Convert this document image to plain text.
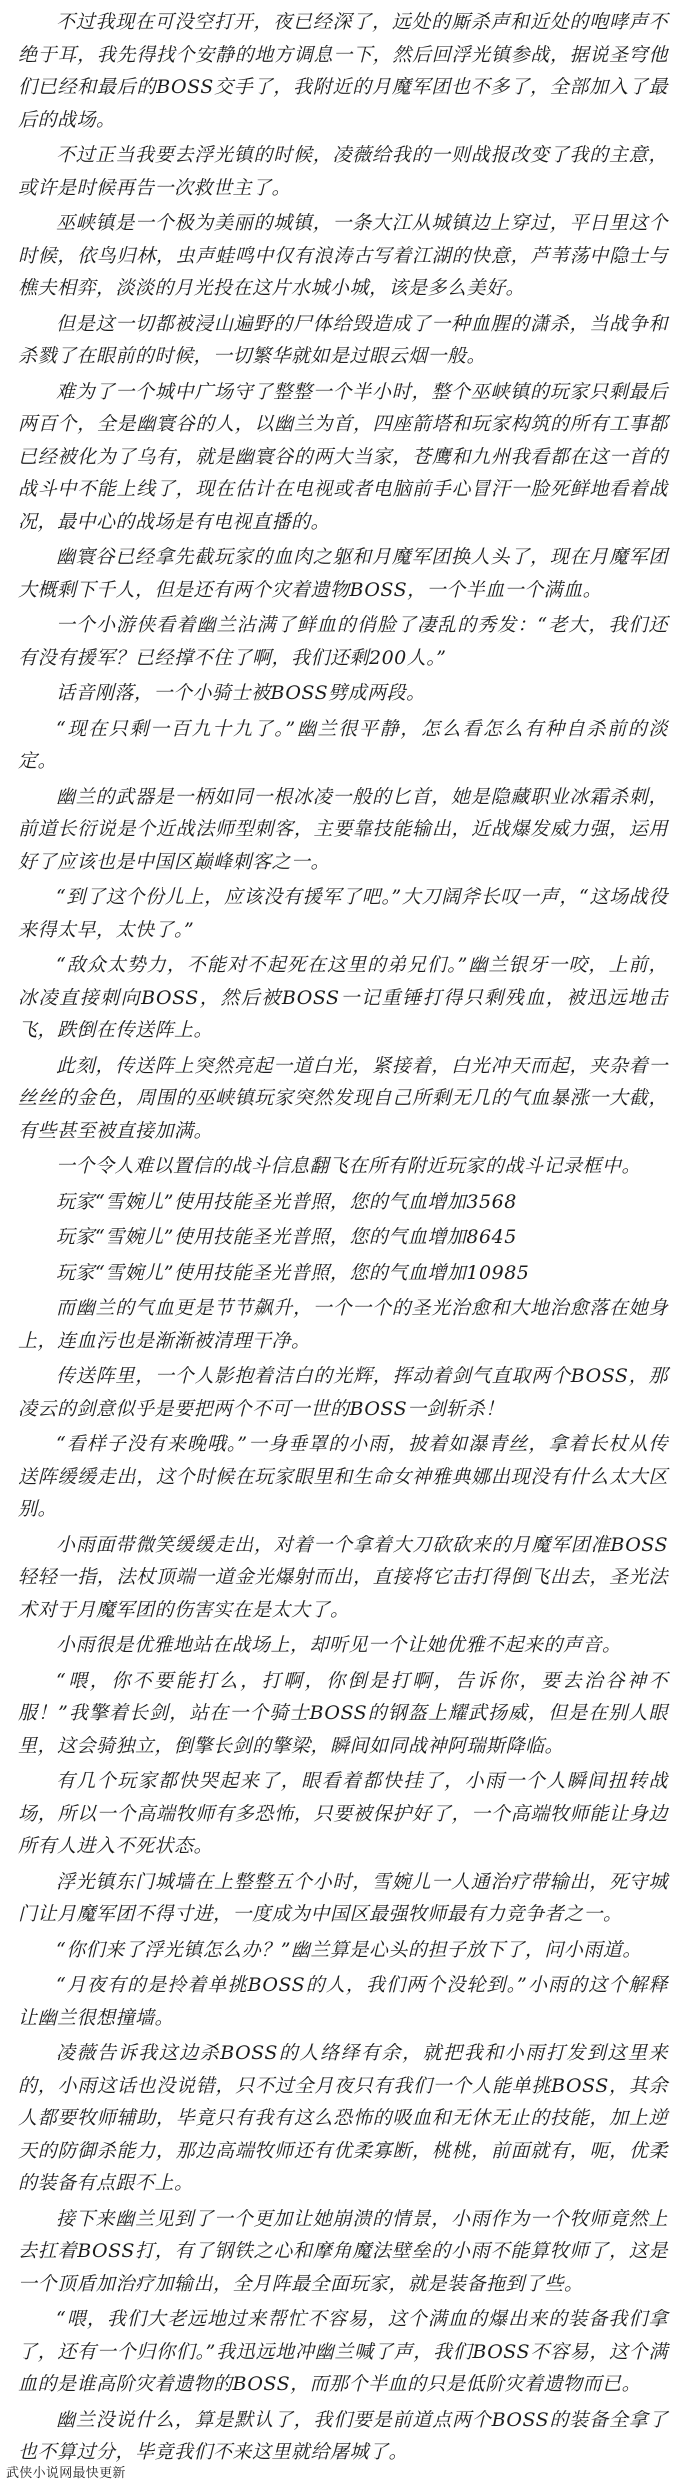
不过我现在可没空打开，夜已经深了，远处的厮杀声和近处的咆哮声不绝于耳，我先得找个安静的地方调息一下，然后回浮光镇参战，据说圣穹他们已经和最后的BOSS交手了，我附近的月魔军团也不多了，全部加入了最后的战场。

不过正当我要去浮光镇的时候，凌薇给我的一则战报改变了我的主意，或许是时候再告一次救世主了。

巫峡镇是一个极为美丽的城镇，一条大江从城镇边上穿过，平日里这个时候，依鸟归林，虫声蛙鸣中仅有浪涛古写着江湖的快意，芦苇荡中隐士与樵夫相弈，淡淡的月光投在这片水城小城，该是多么美好。

但是这一切都被浸山遍野的尸体给毁造成了一种血腥的潇杀，当战争和杀戮了在眼前的时候，一切繁华就如是过眼云烟一般。

难为了一个城中广场守了整整一个半小时，整个巫峡镇的玩家只剩最后两百个，全是幽寰谷的人，以幽兰为首，四座箭塔和玩家构筑的所有工事都已经被化为了乌有，就是幽寰谷的两大当家，苍鹰和九州我看都在这一首的战斗中不能上线了，现在估计在电视或者电脑前手心冒汗一脸死鲜地看着战况，最中心的战场是有电视直播的。

幽寰谷已经拿先截玩家的血肉之躯和月魔军团换人头了，现在月魔军团大概剩下千人，但是还有两个灾着遗物BOSS，一个半血一个满血。

一个小游侠看着幽兰沾满了鲜血的俏脸了凄乱的秀发：“老大，我们还有没有援军？已经撑不住了啊，我们还剩200人。”

话音刚落，一个小骑士被BOSS劈成两段。

“现在只剩一百九十九了。”幽兰很平静，怎么看怎么有种自杀前的淡定。

幽兰的武器是一柄如同一根冰凌一般的匕首，她是隐藏职业冰霜杀刺，前道长衍说是个近战法师型刺客，主要靠技能输出，近战爆发威力强，运用好了应该也是中国区巅峰刺客之一。

“到了这个份儿上，应该没有援军了吧。”大刀阔斧长叹一声，“这场战役来得太早，太快了。”

“敌众太势力，不能对不起死在这里的弟兄们。”幽兰银牙一咬，上前，冰凌直接刺向BOSS，然后被BOSS一记重锤打得只剩残血，被迅远地击飞，跌倒在传送阵上。

此刻，传送阵上突然亮起一道白光，紧接着，白光冲天而起，夹杂着一丝丝的金色，周围的巫峡镇玩家突然发现自己所剩无几的气血暴涨一大截，有些甚至被直接加满。

一个令人难以置信的战斗信息翻飞在所有附近玩家的战斗记录框中。

玩家“雪婉儿”使用技能圣光普照，您的气血增加3568

玩家“雪婉儿”使用技能圣光普照，您的气血增加8645

玩家“雪婉儿”使用技能圣光普照，您的气血增加10985

而幽兰的气血更是节节飙升，一个一个的圣光治愈和大地治愈落在她身上，连血污也是渐渐被清理干净。

传送阵里，一个人影抱着洁白的光辉，挥动着剑气直取两个BOSS，那凌云的剑意似乎是要把两个不可一世的BOSS一剑斩杀！

“看样子没有来晚哦。”一身垂罩的小雨，披着如瀑青丝，拿着长杖从传送阵缓缓走出，这个时候在玩家眼里和生命女神雅典娜出现没有什么太大区别。

小雨面带微笑缓缓走出，对着一个拿着大刀砍砍来的月魔军团准BOSS轻轻一指，法杖顶端一道金光爆射而出，直接将它击打得倒飞出去，圣光法术对于月魔军团的伤害实在是太大了。

小雨很是优雅地站在战场上，却听见一个让她优雅不起来的声音。

“喂，你不要能打么，打啊，你倒是打啊，告诉你，要去治谷神不服！”我擎着长剑，站在一个骑士BOSS的钢盔上耀武扬威，但是在别人眼里，这会骑独立，倒擎长剑的擎梁，瞬间如同战神阿瑞斯降临。

有几个玩家都快哭起来了，眼看着都快挂了，小雨一个人瞬间扭转战场，所以一个高端牧师有多恐怖，只要被保护好了，一个高端牧师能让身边所有人进入不死状态。

浮光镇东门城墙在上整整五个小时，雪婉儿一人通治疗带输出，死守城门让月魔军团不得寸进，一度成为中国区最强牧师最有力竞争者之一。

“你们来了浮光镇怎么办？”幽兰算是心头的担子放下了，问小雨道。

“月夜有的是拎着单挑BOSS的人，我们两个没轮到。”小雨的这个解释让幽兰很想撞墙。

凌薇告诉我这边杀BOSS的人络绎有余，就把我和小雨打发到这里来的，小雨这话也没说错，只不过全月夜只有我们一个人能单挑BOSS，其余人都要牧师辅助，毕竟只有我有这么恐怖的吸血和无休无止的技能，加上逆天的防御杀能力，那边高端牧师还有优柔寡断，桃桃，前面就有，呃，优柔的装备有点跟不上。

接下来幽兰见到了一个更加让她崩溃的情景，小雨作为一个牧师竟然上去扛着BOSS打，有了钢铁之心和摩角魔法壁垒的小雨不能算牧师了，这是一个顶盾加治疗加输出，全月阵最全面玩家，就是装备拖到了些。

“喂，我们大老远地过来帮忙不容易，这个满血的爆出来的装备我们拿了，还有一个归你们。”我迅远地冲幽兰喊了声，我们BOSS不容易，这个满血的是谁高阶灾着遗物的BOSS，而那个半血的只是低阶灾着遗物而已。

幽兰没说什么，算是默认了，我们要是前道点两个BOSS的装备全拿了也不算过分，毕竟我们不来这里就给屠城了。

武侠小说网最快更新
